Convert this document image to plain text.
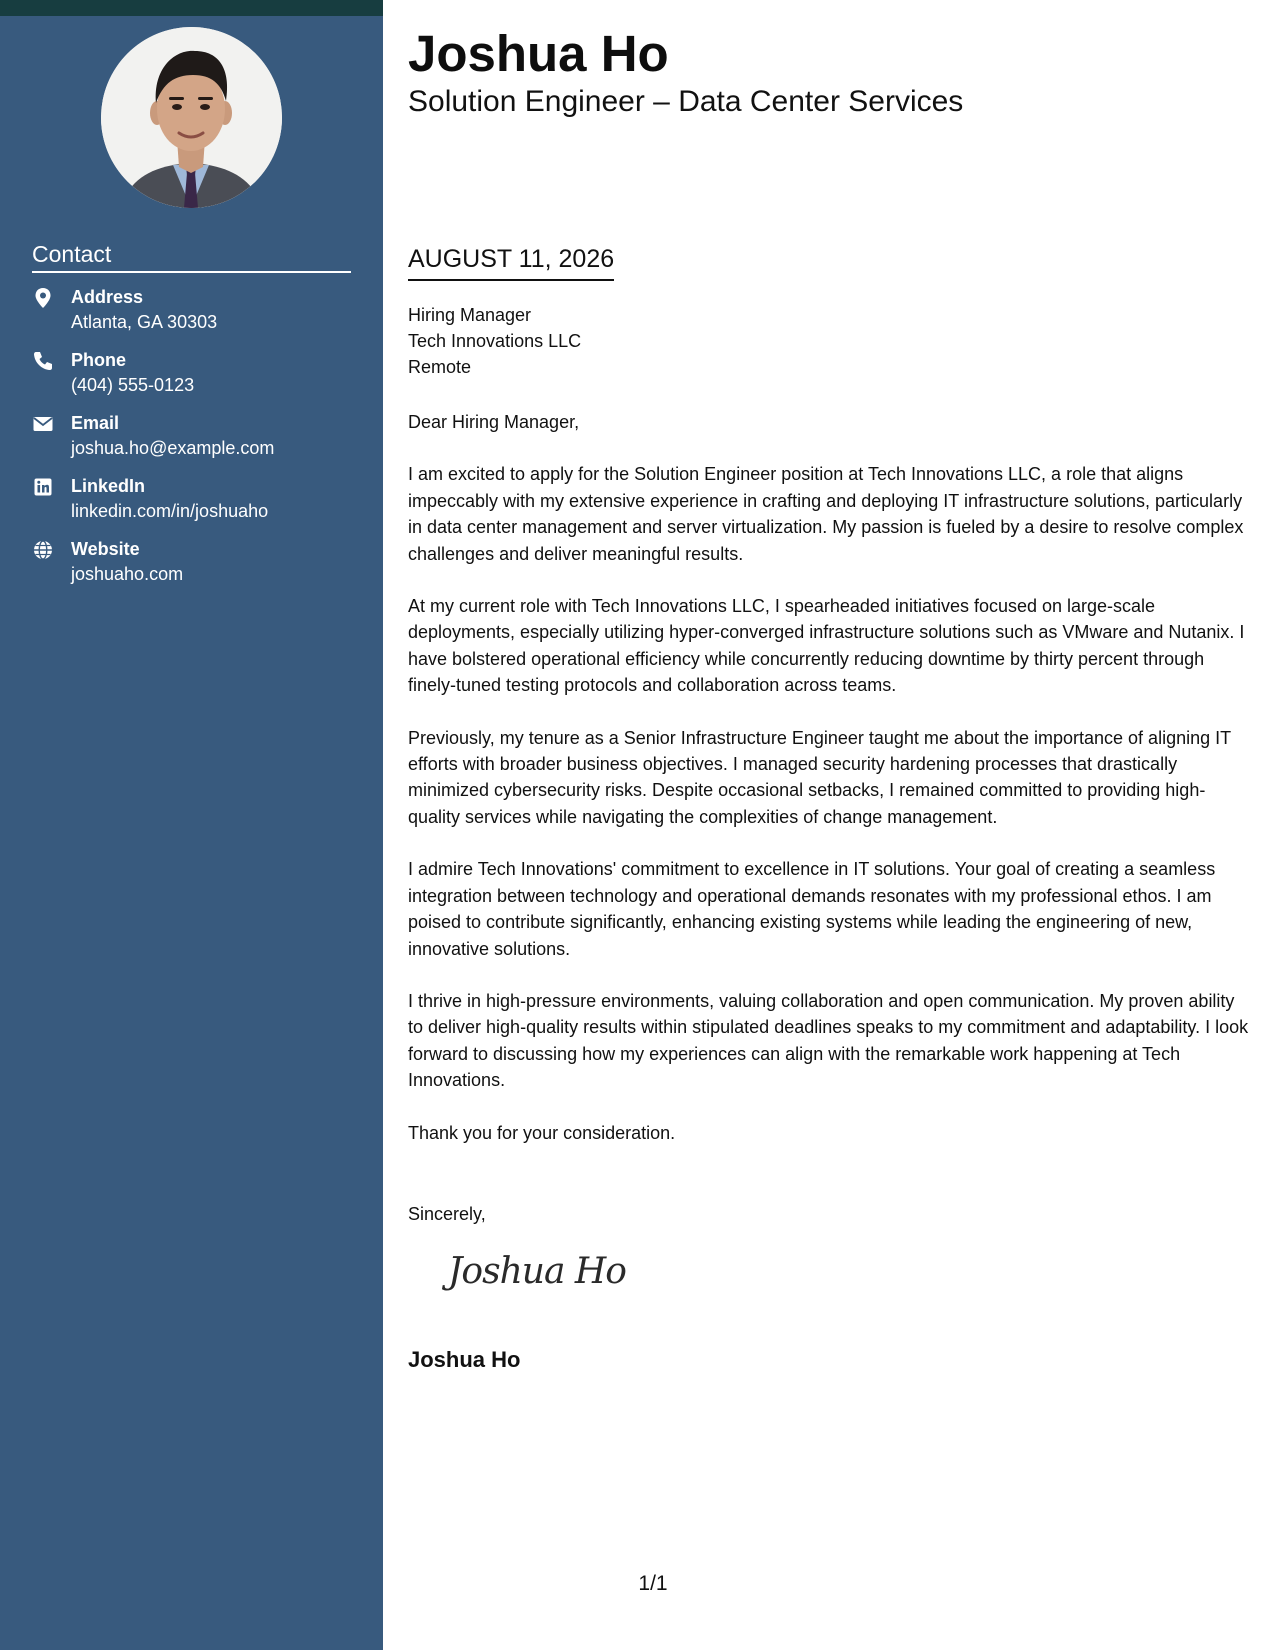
Contact
Address
Atlanta, GA 30303
Phone
(404) 555-0123
Email
joshua.ho@example.com
LinkedIn
linkedin.com/in/joshuaho
Website
joshuaho.com
Joshua Ho
Solution Engineer – Data Center Services
AUGUST 11, 2026
Hiring Manager
Tech Innovations LLC
Remote

Dear Hiring Manager,

I am excited to apply for the Solution Engineer position at Tech Innovations LLC, a role that aligns impeccably with my extensive experience in crafting and deploying IT infrastructure solutions, particularly in data center management and server virtualization. My passion is fueled by a desire to resolve complex challenges and deliver meaningful results.

At my current role with Tech Innovations LLC, I spearheaded initiatives focused on large-scale deployments, especially utilizing hyper-converged infrastructure solutions such as VMware and Nutanix. I have bolstered operational efficiency while concurrently reducing downtime by thirty percent through finely-tuned testing protocols and collaboration across teams.

Previously, my tenure as a Senior Infrastructure Engineer taught me about the importance of aligning IT efforts with broader business objectives. I managed security hardening processes that drastically minimized cybersecurity risks. Despite occasional setbacks, I remained committed to providing high-quality services while navigating the complexities of change management.

I admire Tech Innovations' commitment to excellence in IT solutions. Your goal of creating a seamless integration between technology and operational demands resonates with my professional ethos. I am poised to contribute significantly, enhancing existing systems while leading the engineering of new, innovative solutions.

I thrive in high-pressure environments, valuing collaboration and open communication. My proven ability to deliver high-quality results within stipulated deadlines speaks to my commitment and adaptability. I look forward to discussing how my experiences can align with the remarkable work happening at Tech Innovations.

Thank you for your consideration.

Sincerely,
Joshua Ho
Joshua Ho
1/1
